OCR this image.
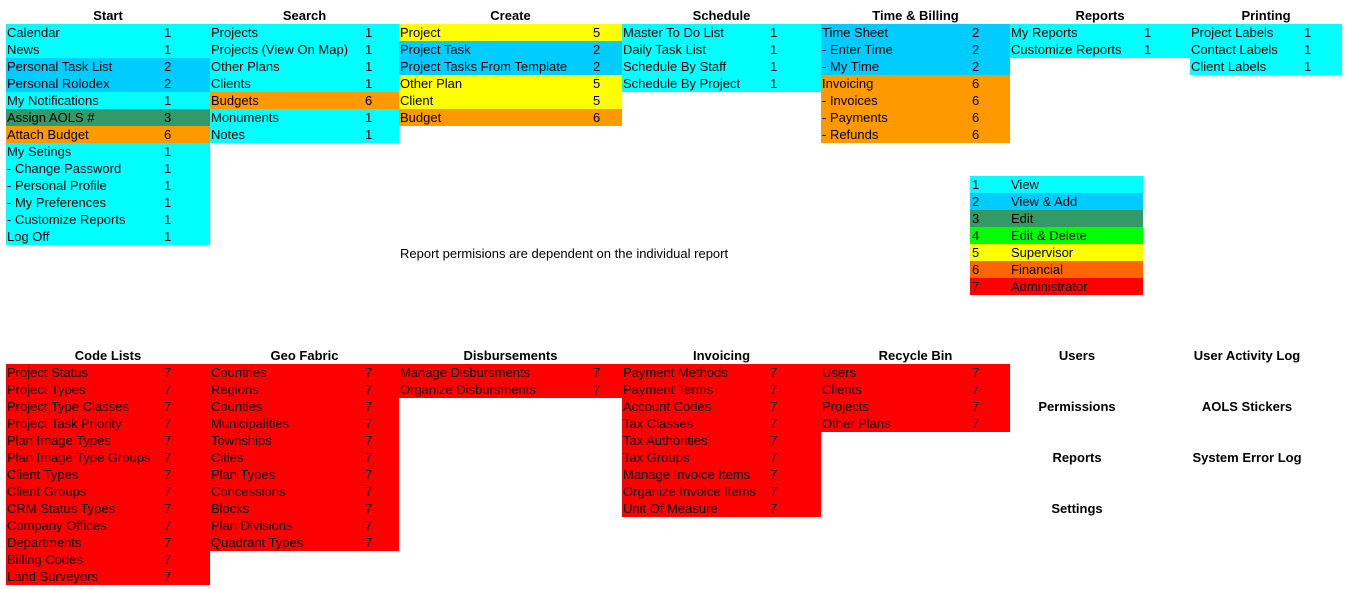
Start
Calendar	1
News	1
Personal Task List	2
Personal Rolodex	2
My Notifications	1
Assign AOLS #	3
Attach Budget	6
My Setings	1
- Change Password	1
- Personal Profile	1
- My Preferences	1
- Customize Reports	1
Log Off	1
Search
Projects	1
Projects (View On Map) 1
Other Plans	1
Clients	1
Budgets	6
Monuments	1
Notes	1
Create
Project	5
Project Task	2
Project Tasks From Template 2
Other Plan	5
Client	5
Budget	6
Schedule
Master To Do List	1
Daily Task List	1
Schedule By Staff	1
Schedule By Project 1
Time & Billing
Time Sheet	2
- Enter Time	2
- My Time	2
Invoicing	6
- Invoices	6
- Payments	6
- Refunds	6
Reports
My Reports	1
Customize Reports 1
Printing
Project Labels 1
Contact Labels 1
Client Labels	1
Code Lists
Project Status	7
Project Types	7
Project Type Classes	7
Project Task Priority	7
Plan Image Types	7
Plan Image Type Groups 7
Client Types	7
Client Groups	7
CRM Status Types	7
Company Offices	7
Departments	7
Billing Codes	7
Land Surveyors	7
Geo Fabric
Countries	7
Regions	7
Counties	7
Municipalities	7
Townships	7
Cities	7
Plan Types	7
Concessions	7
Blocks	7
Plan Divisions	7
Quadrant Types	7
Disbursements
Manage Disbursments	7
Organize Disbursments	7
Invoicing
Payment Methods	7
Payment Terms	7
Account Codes	7
Tax Classes	7
Tax Authorities	7
Tax Groups	7
Manage Invoice Items 7
Organize Invoice Items 7
Unit Of Measure	7
Recycle Bin
Users	7
Clients	7
Projects	7
Other Plans	7
Report permisions are dependent on the individual report
1 View
2 View & Add
3 Edit
4 Edit & Delete
5 Supervisor
6 Financial
7 Administrator
Users	User Activity Log
Permissions	AOLS Stickers
Reports	System Error Log
Settings
